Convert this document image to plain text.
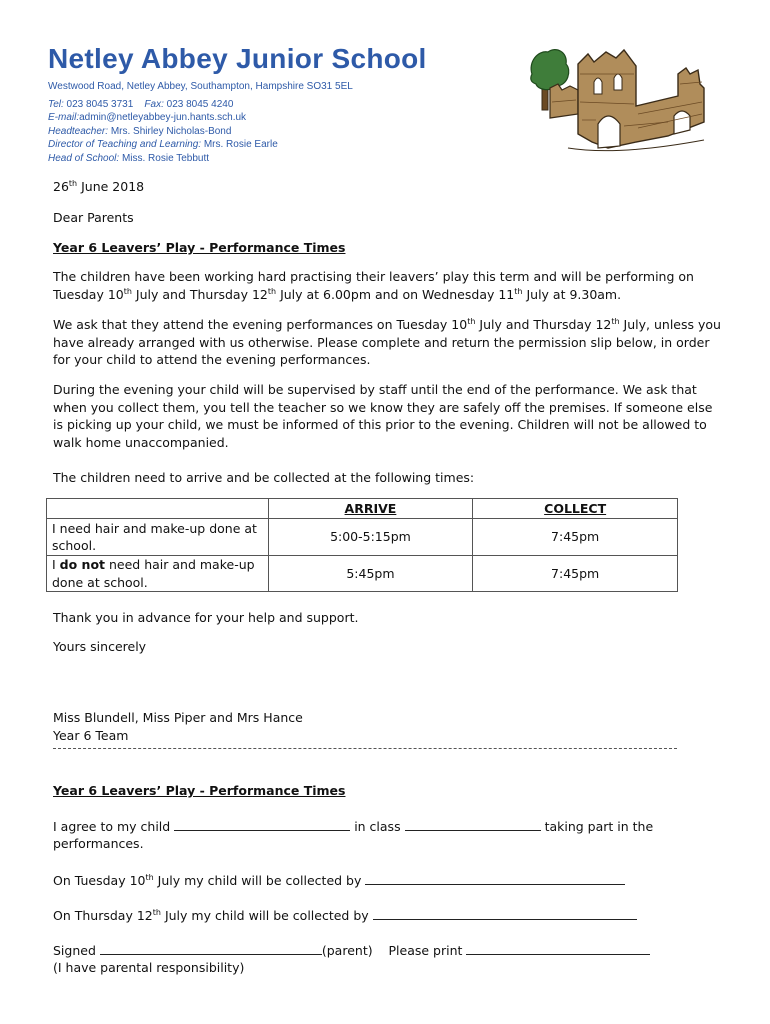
Netley Abbey Junior School
Westwood Road, Netley Abbey, Southampton, Hampshire SO31 5EL
Tel: 023 8045 3731 Fax: 023 8045 4240
E-mail:admin@netleyabbey-jun.hants.sch.uk
Headteacher: Mrs. Shirley Nicholas-Bond
Director of Teaching and Learning: Mrs. Rosie Earle
Head of School: Miss. Rosie Tebbutt

26th June 2018

Dear Parents

Year 6 Leavers’ Play - Performance Times

The children have been working hard practising their leavers’ play this term and will be performing on Tuesday 10th July and Thursday 12th July at 6.00pm and on Wednesday 11th July at 9.30am.

We ask that they attend the evening performances on Tuesday 10th July and Thursday 12th July, unless you have already arranged with us otherwise. Please complete and return the permission slip below, in order for your child to attend the evening performances.

During the evening your child will be supervised by staff until the end of the performance. We ask that when you collect them, you tell the teacher so we know they are safely off the premises. If someone else is picking up your child, we must be informed of this prior to the evening. Children will not be allowed to walk home unaccompanied.

The children need to arrive and be collected at the following times:

	ARRIVE	COLLECT
I need hair and make-up done at school.	5:00-5:15pm	7:45pm
I do not need hair and make-up done at school.	5:45pm	7:45pm

Thank you in advance for your help and support.

Yours sincerely

Miss Blundell, Miss Piper and Mrs Hance

Year 6 Team

Year 6 Leavers’ Play - Performance Times

I agree to my child	in class	taking part in the

performances.

On Tuesday 10th July my child will be collected by

On Thursday 12th July my child will be collected by

Signed	(parent) Please print

(I have parental responsibility)
